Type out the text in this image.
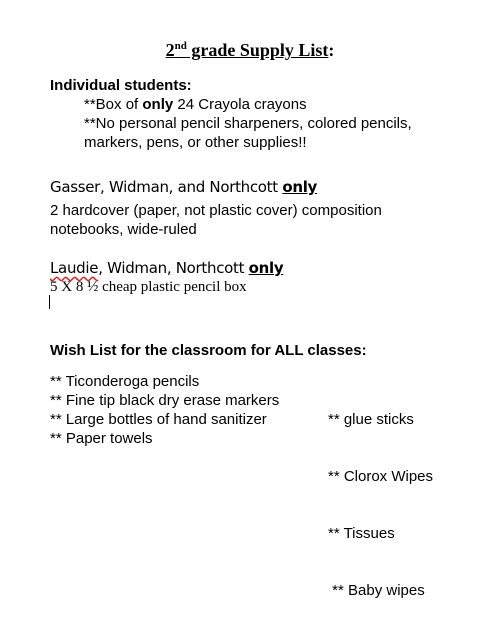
2nd grade Supply List:
Individual students:
**Box of only 24 Crayola crayons
**No personal pencil sharpeners, colored pencils,
markers, pens, or other supplies!!
Gasser, Widman, and Northcott only
2 hardcover (paper, not plastic cover) composition
notebooks, wide-ruled
Laudie, Widman, Northcott only
5 X 8 ½ cheap plastic pencil box
Wish List for the classroom for ALL classes:
** Ticonderoga pencils
** Fine tip black dry erase markers
** Large bottles of hand sanitizer
** Paper towels

** glue sticks

** Clorox Wipes

** Tissues

** Baby wipes
